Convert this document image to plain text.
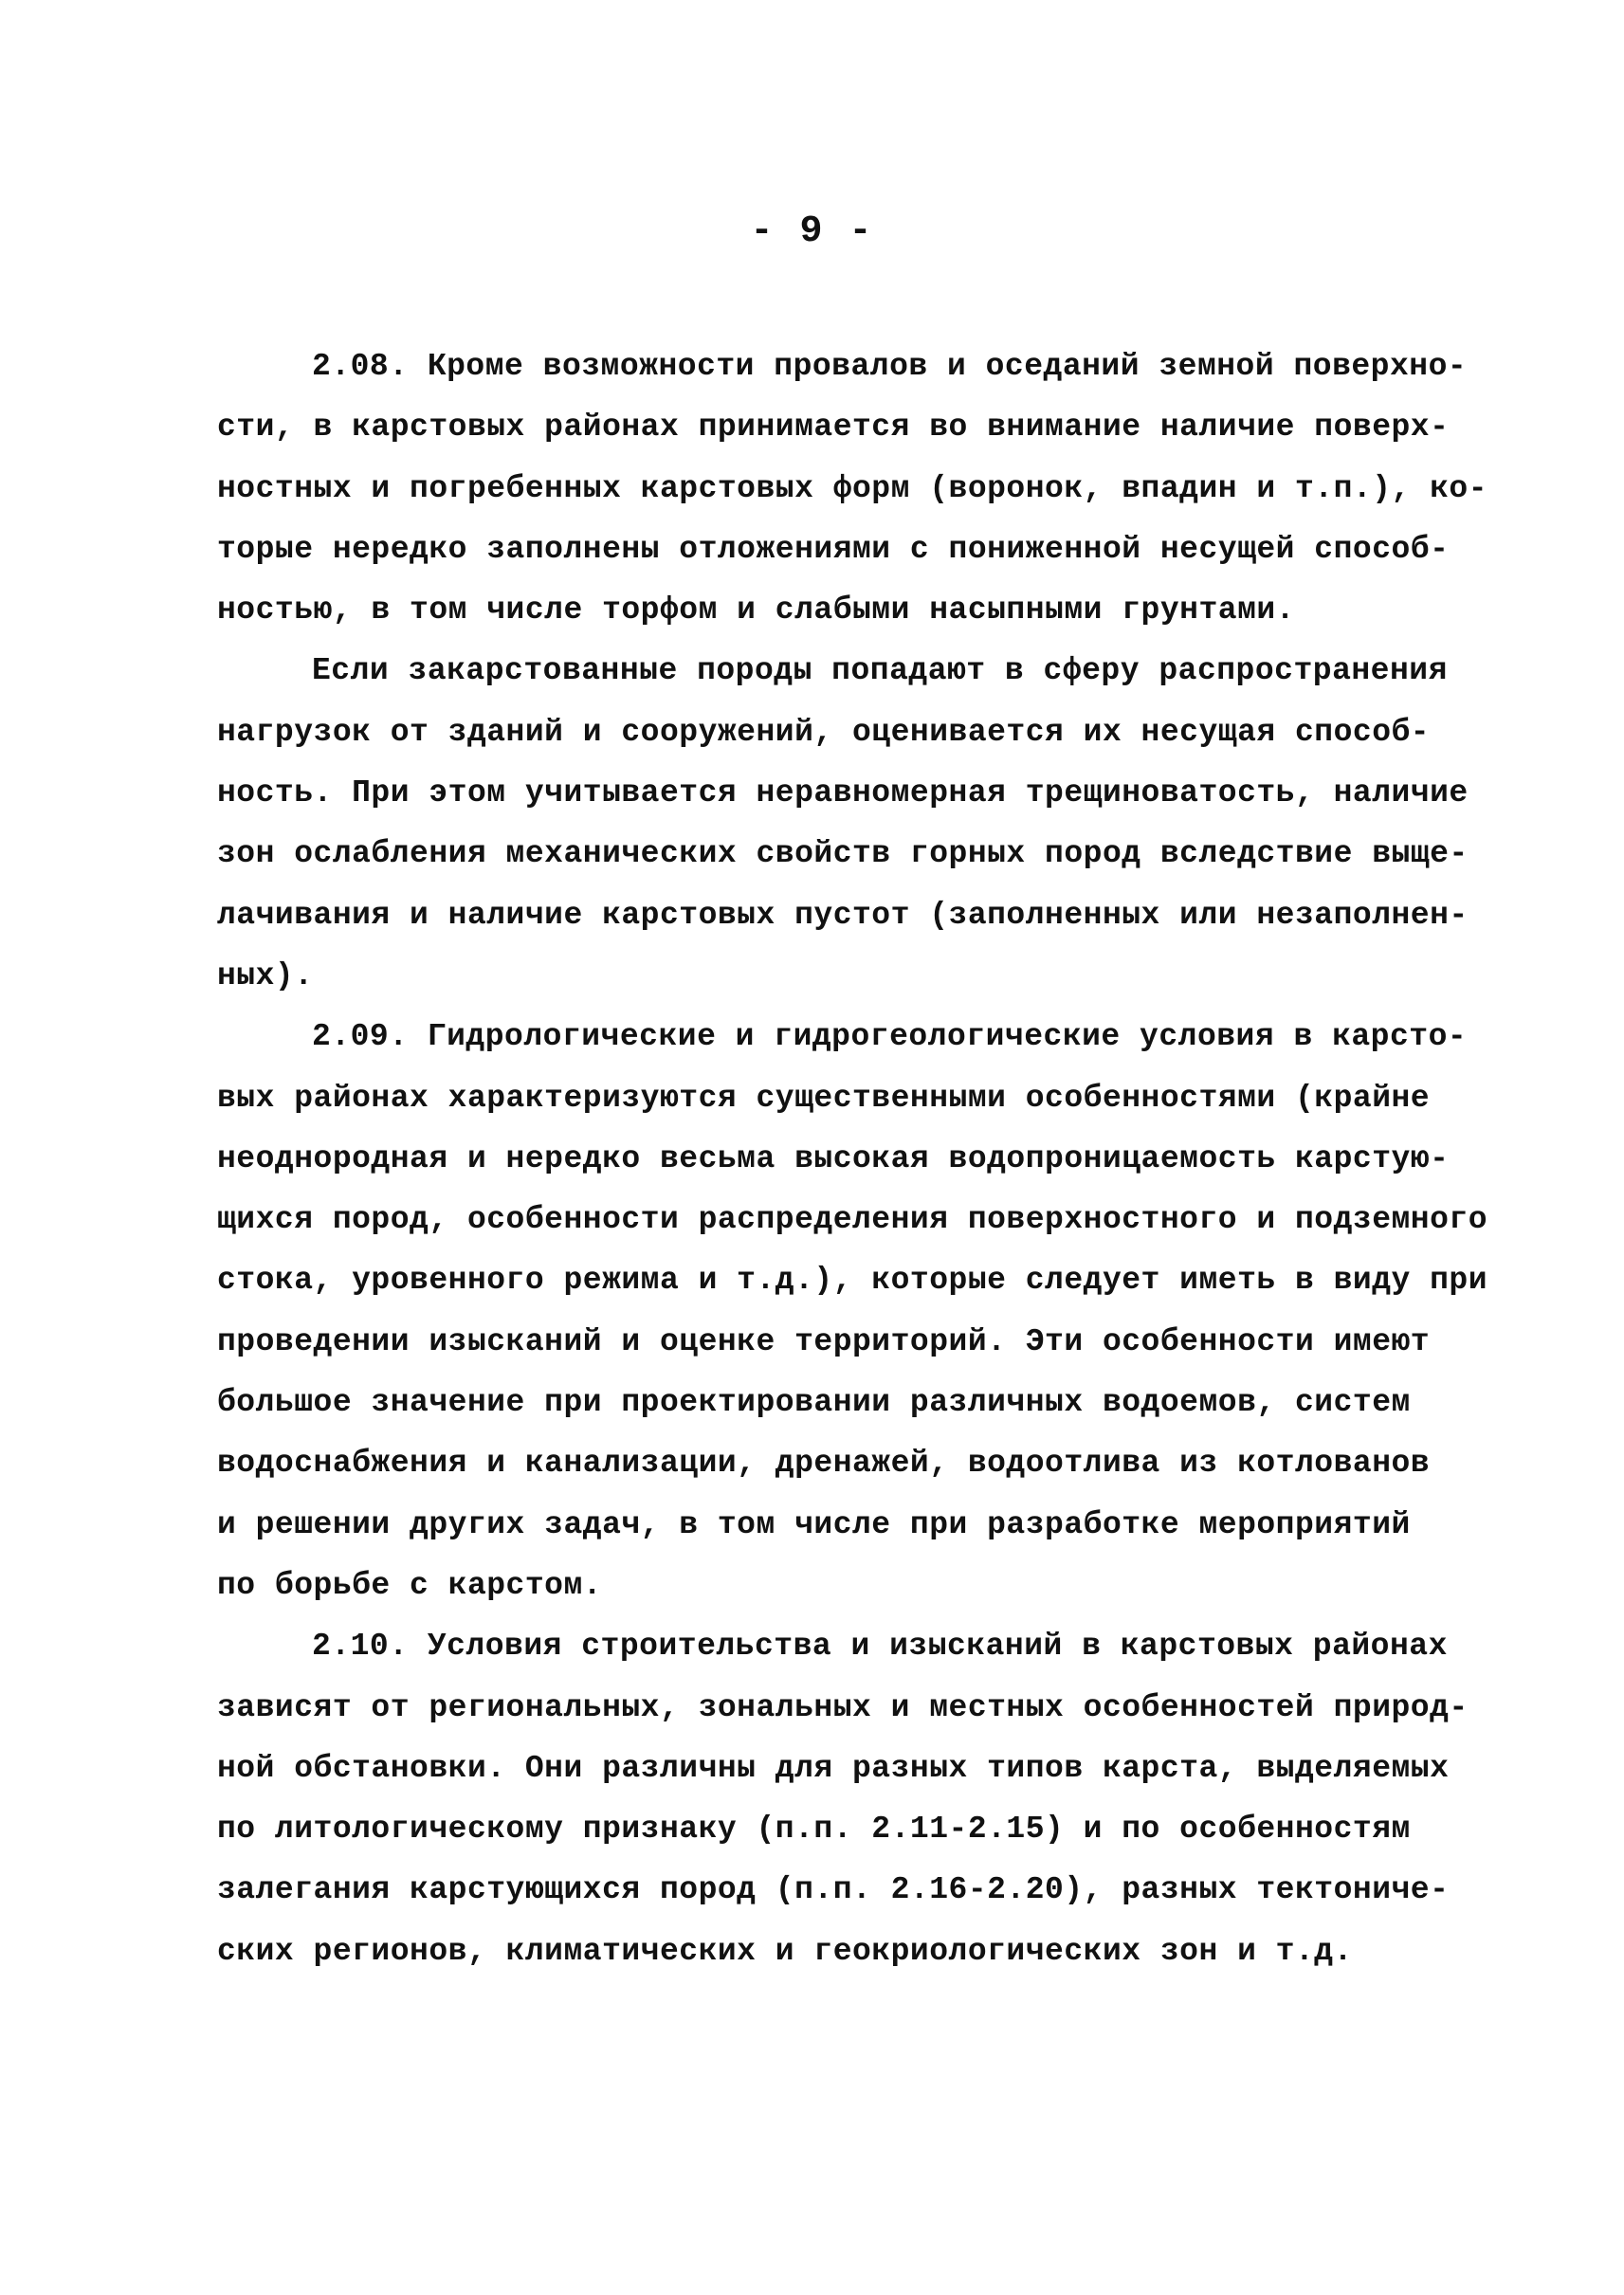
- 9 -
2.08. Кроме возможности провалов и оседаний земной поверхно-
сти, в карстовых районах принимается во внимание наличие поверх-
ностных и погребенных карстовых форм (воронок, впадин и т.п.), ко-
торые нередко заполнены отложениями с пониженной несущей способ-
ностью, в том числе торфом и слабыми насыпными грунтами.
Если закарстованные породы попадают в сферу распространения
нагрузок от зданий и сооружений, оценивается их несущая способ-
ность. При этом учитывается неравномерная трещиноватость, наличие
зон ослабления механических свойств горных пород вследствие выще-
лачивания и наличие карстовых пустот (заполненных или незаполнен-
ных).
2.09. Гидрологические и гидрогеологические условия в карсто-
вых районах характеризуются существенными особенностями (крайне
неоднородная и нередко весьма высокая водопроницаемость карстую-
щихся пород, особенности распределения поверхностного и подземного
стока, уровенного режима и т.д.), которые следует иметь в виду при
проведении изысканий и оценке территорий. Эти особенности имеют
большое значение при проектировании различных водоемов, систем
водоснабжения и канализации, дренажей, водоотлива из котлованов
и решении других задач, в том числе при разработке мероприятий
по борьбе с карстом.
2.10. Условия строительства и изысканий в карстовых районах
зависят от региональных, зональных и местных особенностей природ-
ной обстановки. Они различны для разных типов карста, выделяемых
по литологическому признаку (п.п. 2.11-2.15) и по особенностям
залегания карстующихся пород (п.п. 2.16-2.20), разных тектониче-
ских регионов, климатических и геокриологических зон и т.д.
